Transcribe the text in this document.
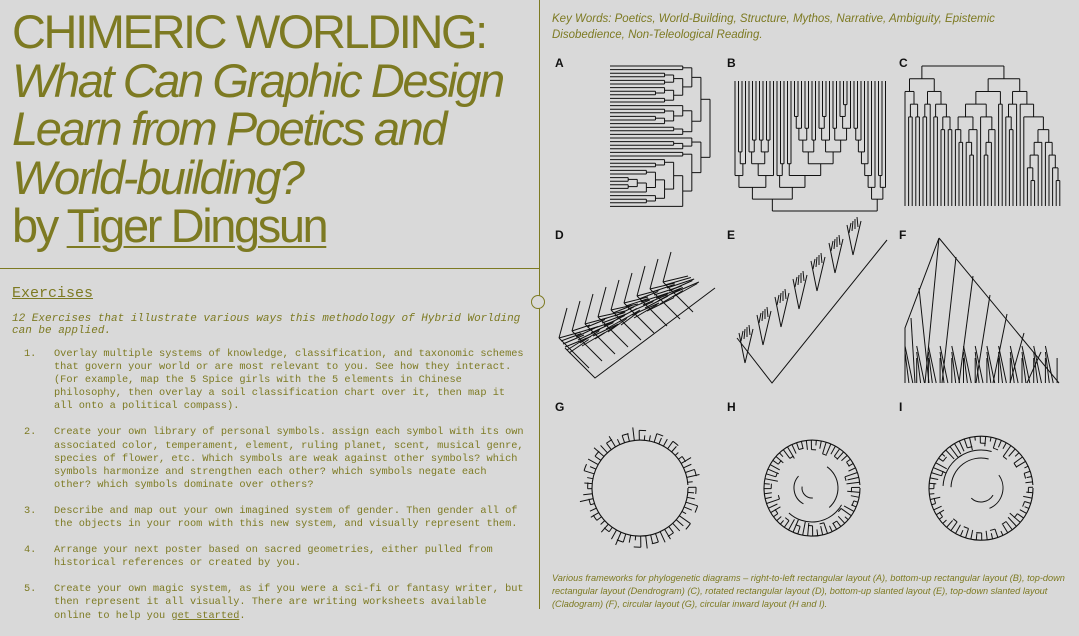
CHIMERIC WORLDING:
What Can Graphic Design
Learn from Poetics and
World-building?
by Tiger Dingsun
Exercises
12 Exercises that illustrate various ways this methodology of Hybrid Worlding can be applied.
1.	Overlay multiple systems of knowledge, classification, and taxonomic schemes that govern your world or are most relevant to you. See how they interact. (For example, map the 5 Spice girls with the 5 elements in Chinese philosophy, then overlay a soil classification chart over it, then map it all onto a political compass).
2.	Create your own library of personal symbols. assign each symbol with its own associated color, temperament, element, ruling planet, scent, musical genre, species of flower, etc. Which symbols are weak against other symbols? which symbols harmonize and strengthen each other? which symbols negate each other? which symbols dominate over others?
3.	Describe and map out your own imagined system of gender. Then gender all of the objects in your room with this new system, and visually represent them.
4.	Arrange your next poster based on sacred geometries, either pulled from historical references or created by you.
5.	Create your own magic system, as if you were a sci-fi or fantasy writer, but then represent it all visually. There are writing worksheets available online to help you get started.
Key Words: Poetics, World-Building, Structure, Mythos, Narrative, Ambiguity, Epistemic Disobedience, Non-Teleological Reading.
A	B	C
D	E	F
G	H	I
Various frameworks for phylogenetic diagrams – right-to-left rectangular layout (A), bottom-up rectangular layout (B), top-down rectangular layout (Dendrogram) (C), rotated rectangular layout (D), bottom-up slanted layout (E), top-down slanted layout (Cladogram) (F), circular layout (G), circular inward layout (H and I).
